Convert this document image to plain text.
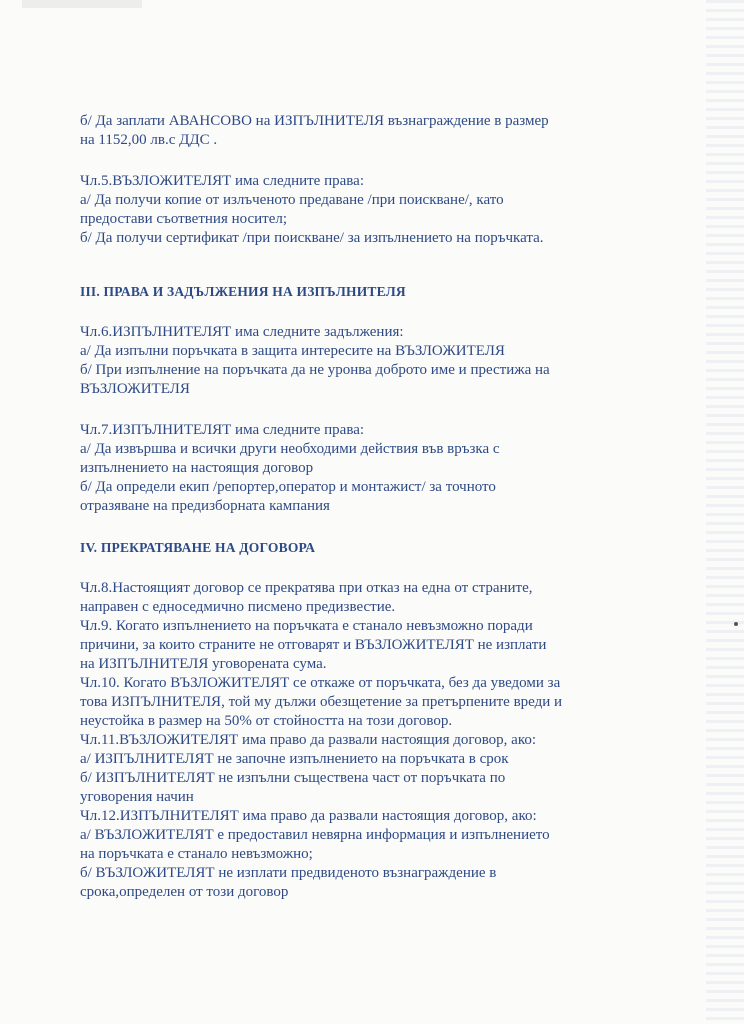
б/ Да заплати АВАНСОВО на ИЗПЪЛНИТЕЛЯ възнаграждение в размер
на 1152,00 лв.с ДДС .
Чл.5.ВЪЗЛОЖИТЕЛЯТ има следните права:
а/ Да получи копие от излъченото предаване /при поискване/, като
предостави съответния носител;
б/ Да получи сертификат /при поискване/ за изпълнението на поръчката.
III. ПРАВА И ЗАДЪЛЖЕНИЯ НА ИЗПЪЛНИТЕЛЯ
Чл.6.ИЗПЪЛНИТЕЛЯТ има следните задължения:
а/ Да изпълни поръчката в защита интересите на ВЪЗЛОЖИТЕЛЯ
б/ При изпълнение на поръчката да не уронва доброто име и престижа на
ВЪЗЛОЖИТЕЛЯ
Чл.7.ИЗПЪЛНИТЕЛЯТ има следните права:
а/ Да извършва и всички други необходими действия във връзка с
изпълнението на настоящия договор
б/ Да определи екип /репортер,оператор и монтажист/ за точното
отразяване на предизборната кампания
IV. ПРЕКРАТЯВАНЕ НА ДОГОВОРА
Чл.8.Настоящият договор се прекратява при отказ на една от страните,
направен с едноседмично писмено предизвестие.
Чл.9. Когато изпълнението на поръчката е станало невъзможно поради
причини, за които страните не отговарят и ВЪЗЛОЖИТЕЛЯТ не изплати
на ИЗПЪЛНИТЕЛЯ уговорената сума.
Чл.10. Когато ВЪЗЛОЖИТЕЛЯТ се откаже от поръчката, без да уведоми за
това ИЗПЪЛНИТЕЛЯ, той му дължи обезщетение за претърпените вреди и
неустойка в размер на 50% от стойността на този договор.
Чл.11.ВЪЗЛОЖИТЕЛЯТ има право да развали настоящия договор, ако:
а/ ИЗПЪЛНИТЕЛЯТ не започне изпълнението на поръчката в срок
б/ ИЗПЪЛНИТЕЛЯТ не изпълни съществена част от поръчката по
уговорения начин
Чл.12.ИЗПЪЛНИТЕЛЯТ има право да развали настоящия договор, ако:
а/ ВЪЗЛОЖИТЕЛЯТ е предоставил невярна информация и изпълнението
на поръчката е станало невъзможно;
б/ ВЪЗЛОЖИТЕЛЯТ не изплати предвиденото възнаграждение в
срока,определен от този договор
